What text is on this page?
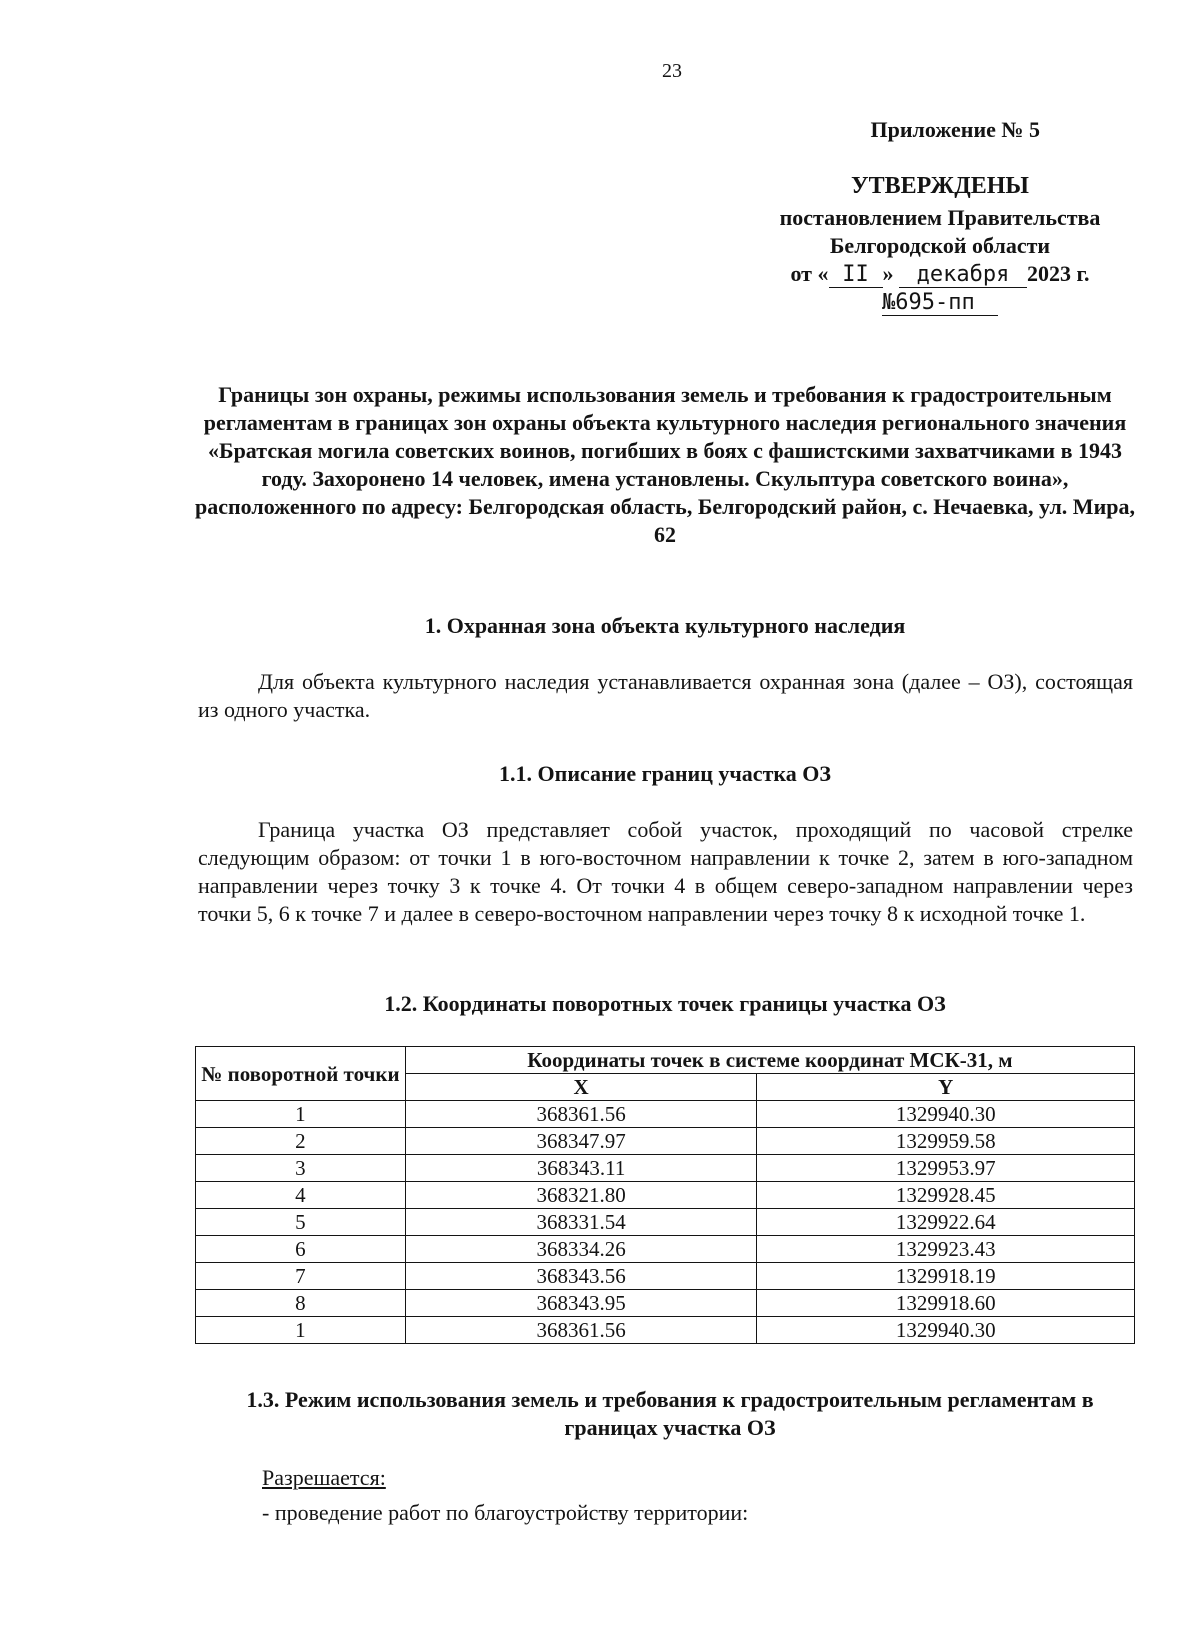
23
Приложение № 5
УТВЕРЖДЕНЫ
постановлением Правительства
Белгородской области
от « II » декабря 2023 г.
№695-пп
Границы зон охраны, режимы использования земель и требования к градостроительным регламентам в границах зон охраны объекта культурного наследия регионального значения «Братская могила советских воинов, погибших в боях с фашистскими захватчиками в 1943 году. Захоронено 14 человек, имена установлены. Скульптура советского воина», расположенного по адресу: Белгородская область, Белгородский район, с. Нечаевка, ул. Мира, 62
1. Охранная зона объекта культурного наследия

Для объекта культурного наследия устанавливается охранная зона (далее – ОЗ), состоящая из одного участка.

1.1. Описание границ участка ОЗ

Граница участка ОЗ представляет собой участок, проходящий по часовой стрелке следующим образом: от точки 1 в юго-восточном направлении к точке 2, затем в юго-западном направлении через точку 3 к точке 4. От точки 4 в общем северо-западном направлении через точки 5, 6 к точке 7 и далее в северо-восточном направлении через точку 8 к исходной точке 1.

1.2. Координаты поворотных точек границы участка ОЗ
№ поворотной точки	Координаты точек в системе координат МСК-31, м	
	X	Y
1	368361.56	1329940.30
2	368347.97	1329959.58
3	368343.11	1329953.97
4	368321.80	1329928.45
5	368331.54	1329922.64
6	368334.26	1329923.43
7	368343.56	1329918.19
8	368343.95	1329918.60
1	368361.56	1329940.30
1.3. Режим использования земель и требования к градостроительным регламентам в границах участка ОЗ
Разрешается:
- проведение работ по благоустройству территории:
